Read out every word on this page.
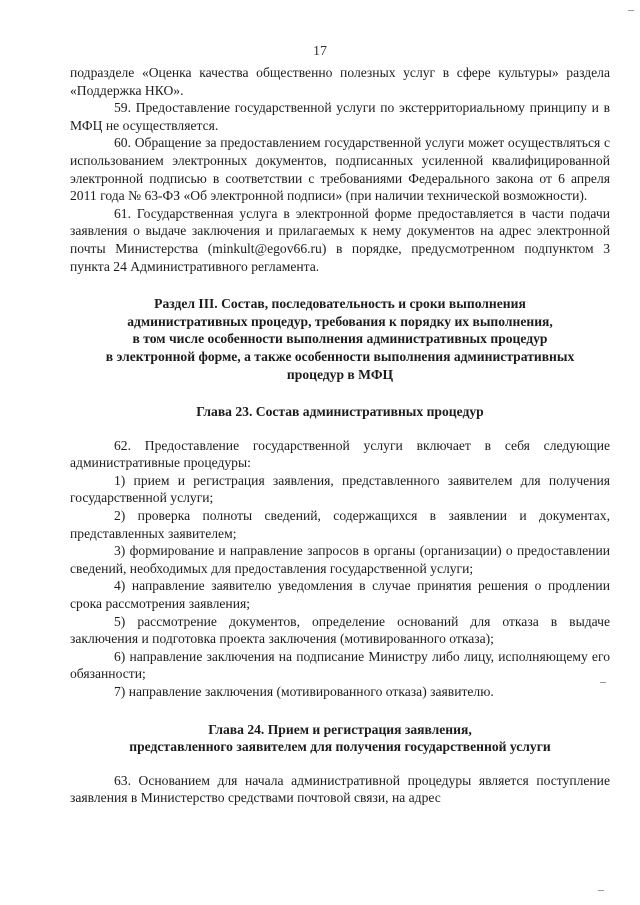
17

подразделе «Оценка качества общественно полезных услуг в сфере культуры» раздела «Поддержка НКО».

59. Предоставление государственной услуги по экстерриториальному принципу и в МФЦ не осуществляется.

60. Обращение за предоставлением государственной услуги может осуществляться с использованием электронных документов, подписанных усиленной квалифицированной электронной подписью в соответствии с требованиями Федерального закона от 6 апреля 2011 года № 63-ФЗ «Об электронной подписи» (при наличии технической возможности).

61. Государственная услуга в электронной форме предоставляется в части подачи заявления о выдаче заключения и прилагаемых к нему документов на адрес электронной почты Министерства (minkult@egov66.ru) в порядке, предусмотренном подпунктом 3 пункта 24 Административного регламента.

Раздел III. Состав, последовательность и сроки выполнения
административных процедур, требования к порядку их выполнения,
в том числе особенности выполнения административных процедур
в электронной форме, а также особенности выполнения административных
процедур в МФЦ
Глава 23. Состав административных процедур

62. Предоставление государственной услуги включает в себя следующие административные процедуры:

1) прием и регистрация заявления, представленного заявителем для получения государственной услуги;

2) проверка полноты сведений, содержащихся в заявлении и документах, представленных заявителем;

3) формирование и направление запросов в органы (организации) о предоставлении сведений, необходимых для предоставления государственной услуги;

4) направление заявителю уведомления в случае принятия решения о продлении срока рассмотрения заявления;

5) рассмотрение документов, определение оснований для отказа в выдаче заключения и подготовка проекта заключения (мотивированного отказа);

6) направление заключения на подписание Министру либо лицу, исполняющему его обязанности;

7) направление заключения (мотивированного отказа) заявителю.

Глава 24. Прием и регистрация заявления,
представленного заявителем для получения государственной услуги

63. Основанием для начала административной процедуры является поступление заявления в Министерство средствами почтовой связи, на адрес
